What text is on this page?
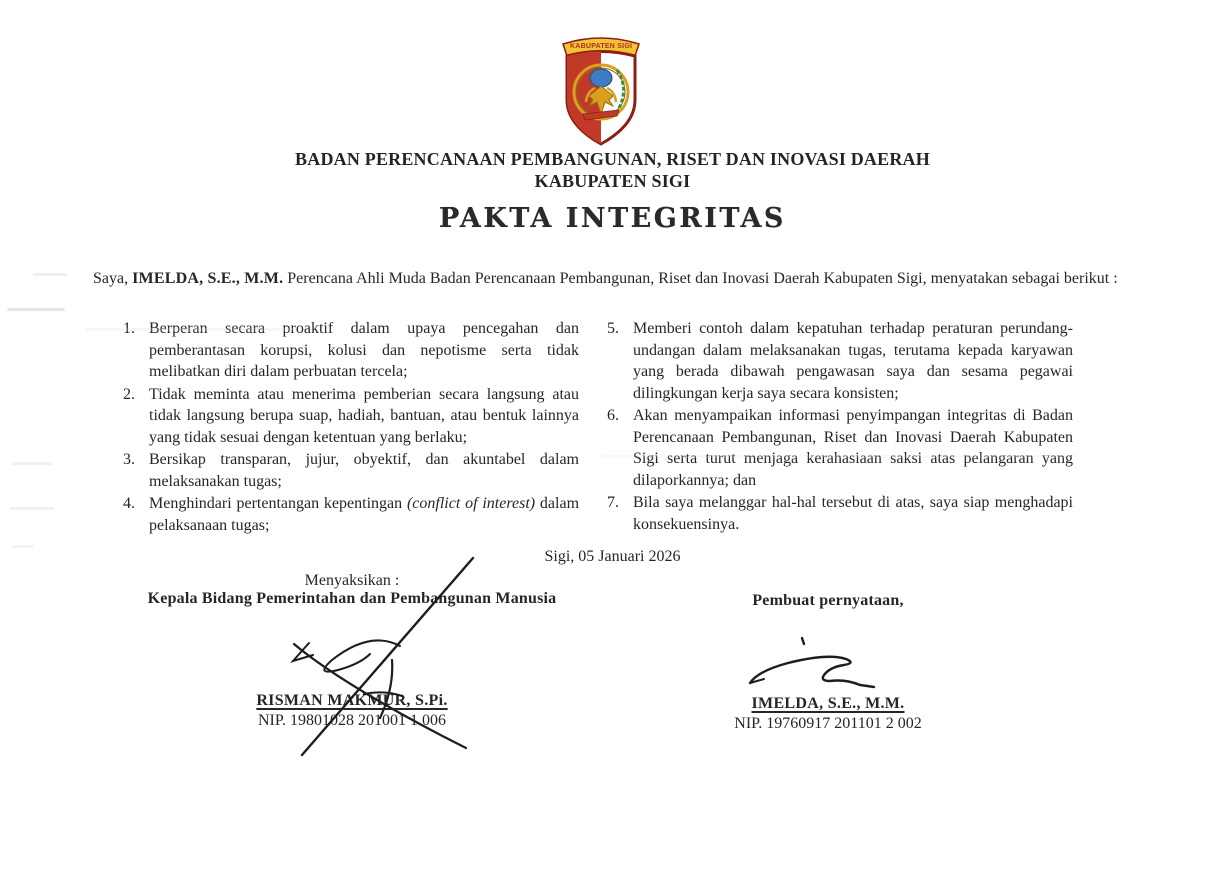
KABUPATEN SIGI
BADAN PERENCANAAN PEMBANGUNAN, RISET DAN INOVASI DAERAH
KABUPATEN SIGI
PAKTA INTEGRITAS

Saya, IMELDA, S.E., M.M. Perencana Ahli Muda Badan Perencanaan Pembangunan, Riset dan Inovasi Daerah Kabupaten Sigi, menyatakan sebagai berikut :

1. Berperan secara proaktif dalam upaya pencegahan dan pemberantasan korupsi, kolusi dan nepotisme serta tidak melibatkan diri dalam perbuatan tercela;
2. Tidak meminta atau menerima pemberian secara langsung atau tidak langsung berupa suap, hadiah, bantuan, atau bentuk lainnya yang tidak sesuai dengan ketentuan yang berlaku;
3. Bersikap transparan, jujur, obyektif, dan akuntabel dalam melaksanakan tugas;
4. Menghindari pertentangan kepentingan (conflict of interest) dalam pelaksanaan tugas;
5. Memberi contoh dalam kepatuhan terhadap peraturan perundang-undangan dalam melaksanakan tugas, terutama kepada karyawan yang berada dibawah pengawasan saya dan sesama pegawai dilingkungan kerja saya secara konsisten;
6. Akan menyampaikan informasi penyimpangan integritas di Badan Perencanaan Pembangunan, Riset dan Inovasi Daerah Kabupaten Sigi serta turut menjaga kerahasiaan saksi atas pelangaran yang dilaporkannya; dan
7. Bila saya melanggar hal-hal tersebut di atas, saya siap menghadapi konsekuensinya.
Sigi, 05 Januari 2026
Menyaksikan :
Kepala Bidang Pemerintahan dan Pembangunan Manusia
RISMAN MAKMUR, S.Pi.
NIP. 19801028 201001 1 006
Pembuat pernyataan,
IMELDA, S.E., M.M.
NIP. 19760917 201101 2 002
